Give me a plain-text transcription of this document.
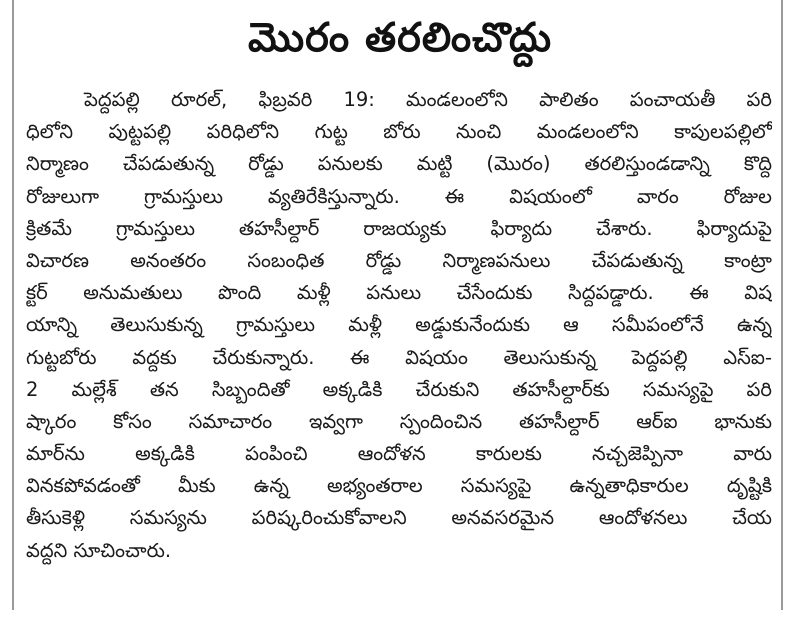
మొరం తరలించొద్దు
పెద్దపల్లి రూరల్, ఫిబ్రవరి 19: మండలంలోని పాలితం పంచాయతీ పరి
ధిలోని పుట్టపల్లి పరిధిలోని గుట్ట బోరు నుంచి మండలంలోని కాపులపల్లిలో
నిర్మాణం చేపడుతున్న రోడ్డు పనులకు మట్టి (మొరం) తరలిస్తుండడాన్ని కొద్ది
రోజులుగా గ్రామస్తులు వ్యతిరేకిస్తున్నారు. ఈ విషయంలో వారం రోజుల
క్రితమే గ్రామస్తులు తహసీల్దార్ రాజయ్యకు ఫిర్యాదు చేశారు. ఫిర్యాదుపై
విచారణ అనంతరం సంబంధిత రోడ్డు నిర్మాణపనులు చేపడుతున్న కాంట్రా
క్టర్ అనుమతులు పొంది మళ్లీ పనులు చేసేందుకు సిద్దపడ్డారు. ఈ విష
యాన్ని తెలుసుకున్న గ్రామస్తులు మళ్లీ అడ్డుకునేందుకు ఆ సమీపంలోనే ఉన్న
గుట్టబోరు వద్దకు చేరుకున్నారు. ఈ విషయం తెలుసుకున్న పెద్దపల్లి ఎస్ఐ-
2 మల్లేశ్ తన సిబ్బందితో అక్కడికి చేరుకుని తహసీల్దార్‌కు సమస్యపై పరి
ష్కారం కోసం సమాచారం ఇవ్వగా స్పందించిన తహసీల్దార్ ఆర్ఐ భానుకు
మార్‌ను అక్కడికి పంపించి ఆందోళన కారులకు నచ్చజెప్పినా వారు
వినకపోవడంతో మీకు ఉన్న అభ్యంతరాల సమస్యపై ఉన్నతాధికారుల దృష్టికి
తీసుకెళ్లి సమస్యను పరిష్కరించుకోవాలని అనవసరమైన ఆందోళనలు చేయ
వద్దని సూచించారు.
